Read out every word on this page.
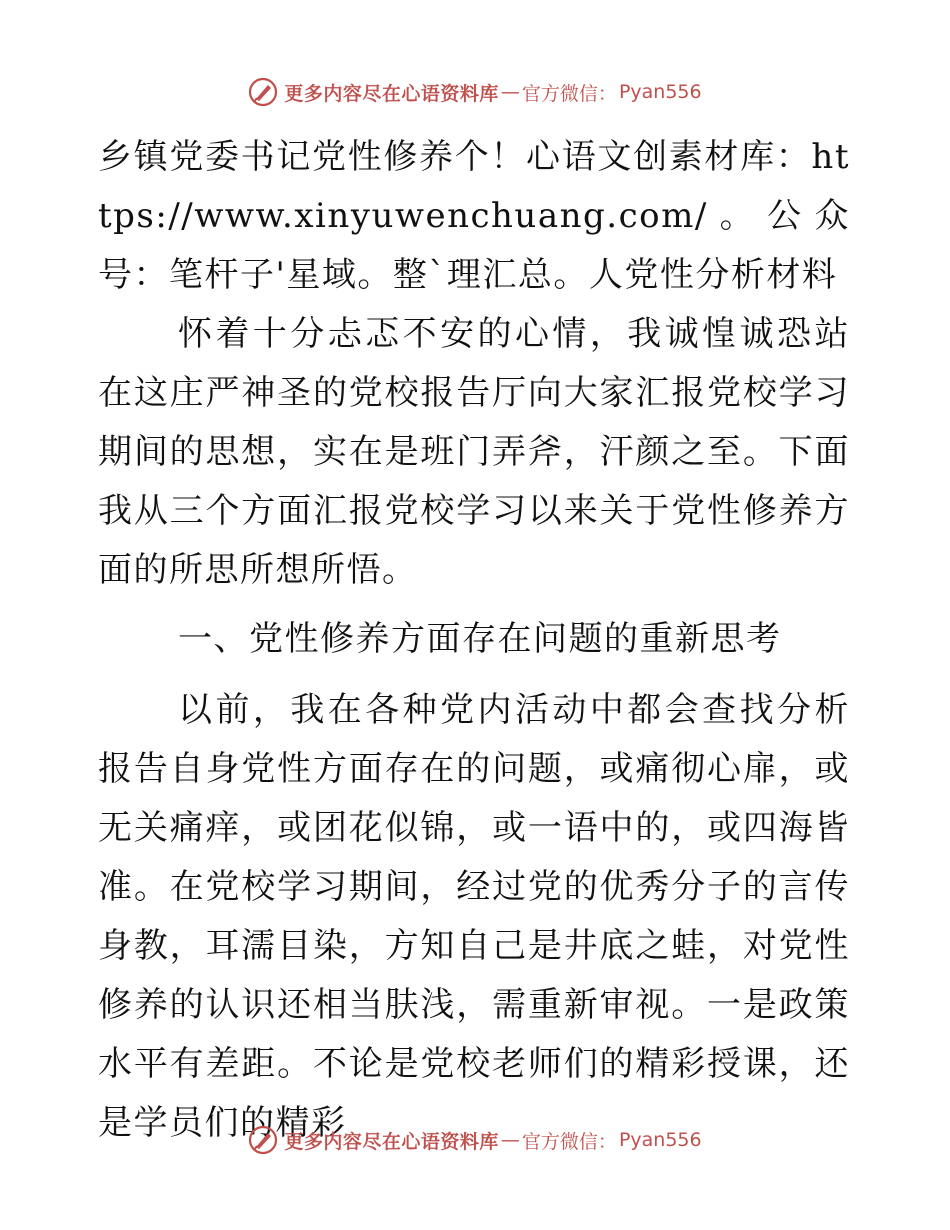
更多内容尽在心语资料库 — 官方微信： Pyan556

乡镇党委书记党性修养个！心语文创素材库：https://www.xinyuwenchuang.com/。公众号：笔杆子'星域。整`理汇总。人党性分析材料

怀着十分忐忑不安的心情，我诚惶诚恐站在这庄严神圣的党校报告厅向大家汇报党校学习期间的思想，实在是班门弄斧，汗颜之至。下面我从三个方面汇报党校学习以来关于党性修养方面的所思所想所悟。

一、党性修养方面存在问题的重新思考

以前，我在各种党内活动中都会查找分析报告自身党性方面存在的问题，或痛彻心扉，或无关痛痒，或团花似锦，或一语中的，或四海皆准。在党校学习期间，经过党的优秀分子的言传身教，耳濡目染，方知自己是井底之蛙，对党性修养的认识还相当肤浅，需重新审视。一是政策水平有差距。不论是党校老师们的精彩授课，还是学员们的精彩

更多内容尽在心语资料库 — 官方微信： Pyan556
